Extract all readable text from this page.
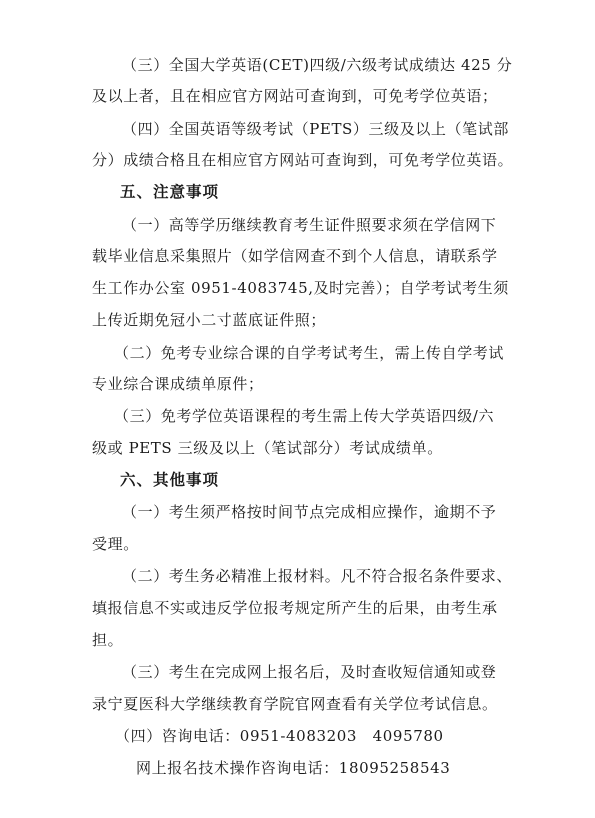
（三）全国大学英语(CET)四级/六级考试成绩达 425 分
及以上者，且在相应官方网站可查询到，可免考学位英语；
（四）全国英语等级考试（PETS）三级及以上（笔试部
分）成绩合格且在相应官方网站可查询到，可免考学位英语。
五、注意事项
（一）高等学历继续教育考生证件照要求须在学信网下
载毕业信息采集照片（如学信网查不到个人信息，请联系学
生工作办公室 0951-4083745,及时完善）；自学考试考生须
上传近期免冠小二寸蓝底证件照；
（二）免考专业综合课的自学考试考生，需上传自学考试
专业综合课成绩单原件；
（三）免考学位英语课程的考生需上传大学英语四级/六
级或 PETS 三级及以上（笔试部分）考试成绩单。
六、其他事项
（一）考生须严格按时间节点完成相应操作，逾期不予
受理。
（二）考生务必精准上报材料。凡不符合报名条件要求、
填报信息不实或违反学位报考规定所产生的后果，由考生承
担。
（三）考生在完成网上报名后，及时查收短信通知或登
录宁夏医科大学继续教育学院官网查看有关学位考试信息。
（四）咨询电话：0951-4083203　4095780
网上报名技术操作咨询电话：18095258543
